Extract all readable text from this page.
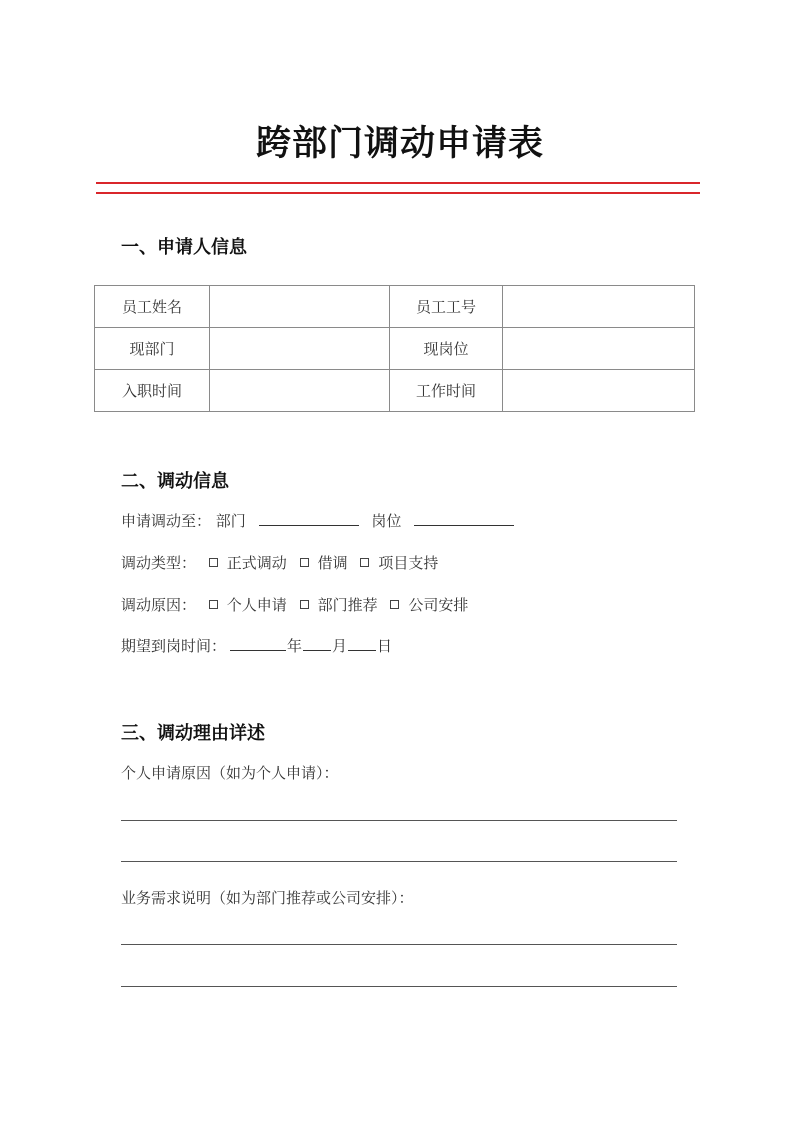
跨部门调动申请表
一、申请人信息
员工姓名		员工工号	
现部门		现岗位	
入职时间		工作时间	
二、调动信息
申请调动至： 部门	岗位
调动类型： 正式调动 借调 项目支持
调动原因： 个人申请 部门推荐 公司安排
期望到岗时间：	年 月 日
三、调动理由详述
个人申请原因（如为个人申请）：
业务需求说明（如为部门推荐或公司安排）：
